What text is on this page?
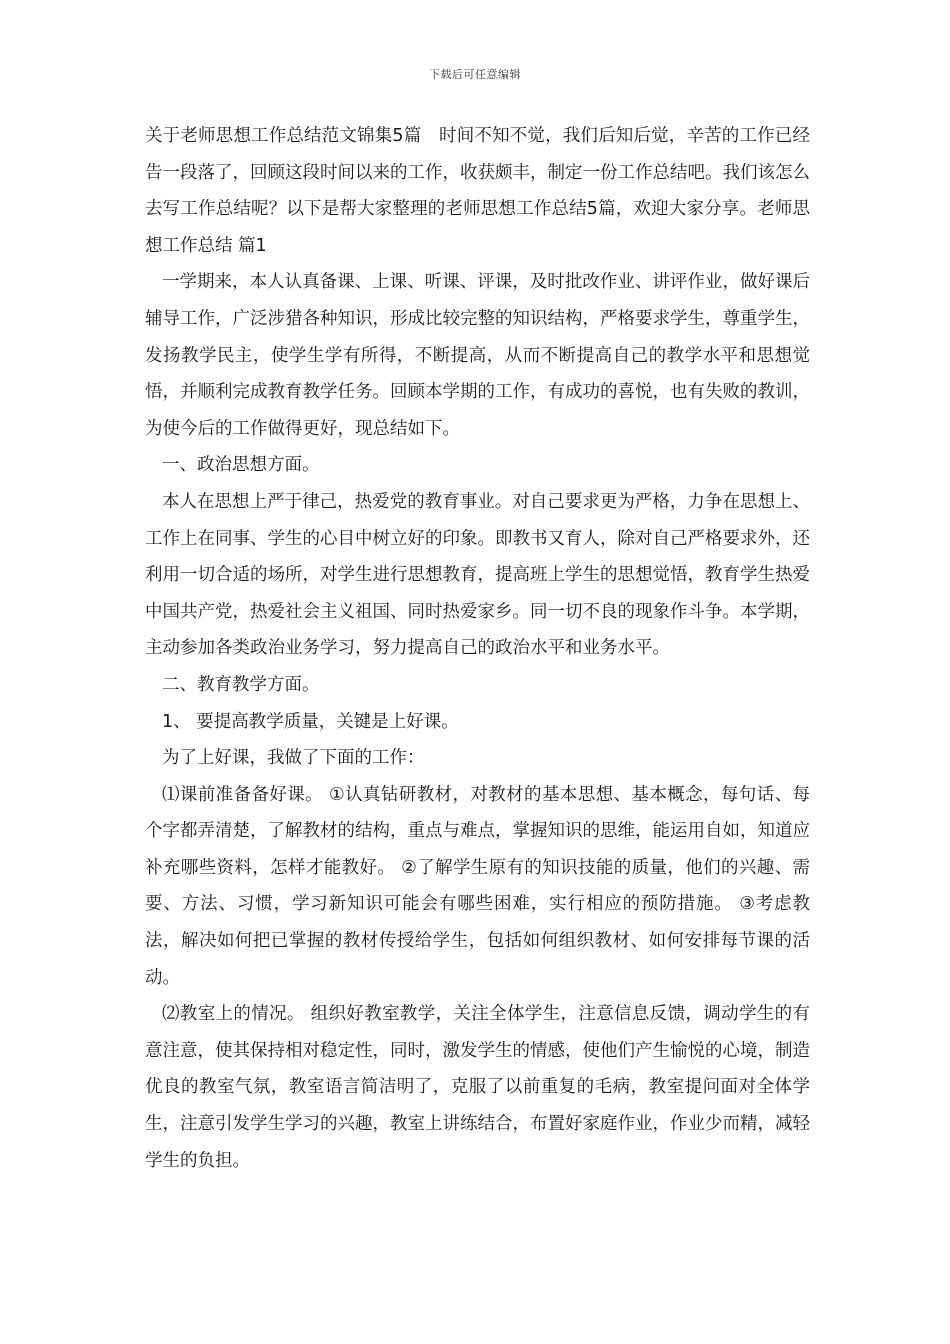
下载后可任意编辑

关于老师思想工作总结范文锦集5篇　时间不知不觉，我们后知后觉，辛苦的工作已经告一段落了，回顾这段时间以来的工作，收获颇丰，制定一份工作总结吧。我们该怎么去写工作总结呢？以下是帮大家整理的老师思想工作总结5篇，欢迎大家分享。老师思想工作总结 篇1

一学期来，本人认真备课、上课、听课、评课，及时批改作业、讲评作业，做好课后辅导工作，广泛涉猎各种知识，形成比较完整的知识结构，严格要求学生，尊重学生，发扬教学民主，使学生学有所得，不断提高，从而不断提高自己的教学水平和思想觉悟，并顺利完成教育教学任务。回顾本学期的工作，有成功的喜悦，也有失败的教训，为使今后的工作做得更好，现总结如下。

一、政治思想方面。

本人在思想上严于律己，热爱党的教育事业。对自己要求更为严格，力争在思想上、工作上在同事、学生的心目中树立好的印象。即教书又育人，除对自己严格要求外，还利用一切合适的场所，对学生进行思想教育，提高班上学生的思想觉悟，教育学生热爱中国共产党，热爱社会主义祖国、同时热爱家乡。同一切不良的现象作斗争。本学期，主动参加各类政治业务学习，努力提高自己的政治水平和业务水平。

二、教育教学方面。

1、 要提高教学质量，关键是上好课。

为了上好课，我做了下面的工作：

⑴课前准备备好课。 ①认真钻研教材，对教材的基本思想、基本概念，每句话、每个字都弄清楚，了解教材的结构，重点与难点，掌握知识的思维，能运用自如，知道应补充哪些资料，怎样才能教好。 ②了解学生原有的知识技能的质量，他们的兴趣、需要、方法、习惯，学习新知识可能会有哪些困难，实行相应的预防措施。 ③考虑教法，解决如何把已掌握的教材传授给学生，包括如何组织教材、如何安排每节课的活动。

⑵教室上的情况。 组织好教室教学，关注全体学生，注意信息反馈，调动学生的有意注意，使其保持相对稳定性，同时，激发学生的情感，使他们产生愉悦的心境，制造优良的教室气氛，教室语言简洁明了，克服了以前重复的毛病，教室提问面对全体学生，注意引发学生学习的兴趣，教室上讲练结合，布置好家庭作业，作业少而精，减轻学生的负担。
